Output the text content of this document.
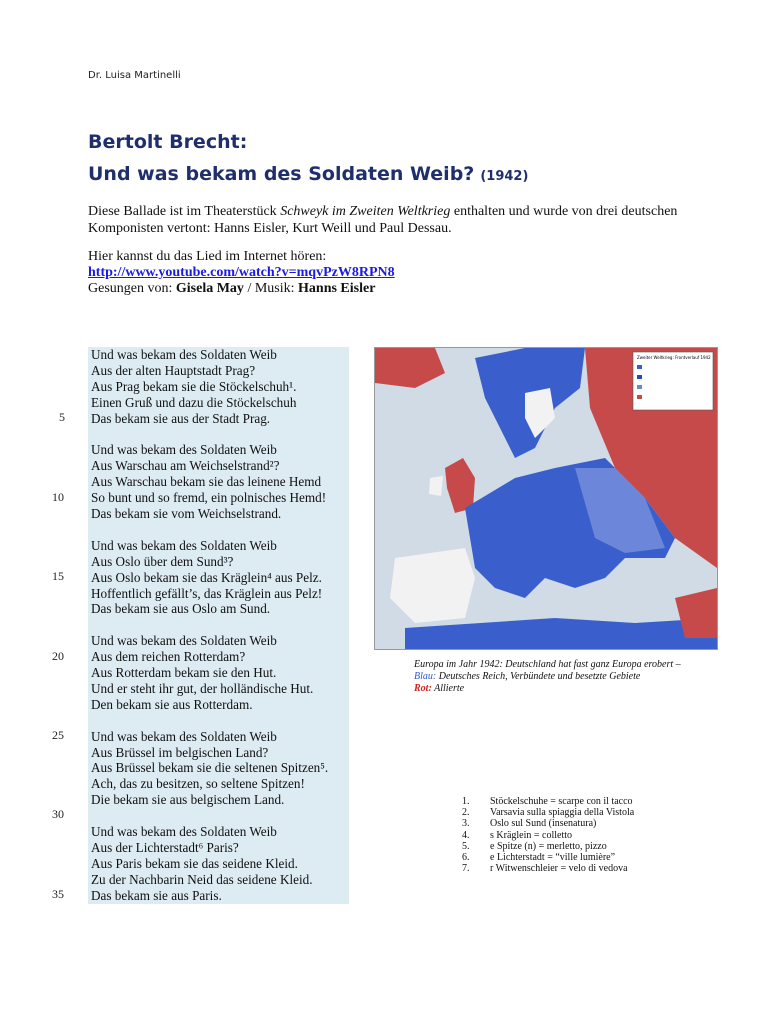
Dr. Luisa Martinelli
Bertolt Brecht:
Und was bekam des Soldaten Weib? (1942)
Diese Ballade ist im Theaterstück Schweyk im Zweiten Weltkrieg enthalten und wurde von drei deutschen Komponisten vertont: Hanns Eisler, Kurt Weill und Paul Dessau.
Hier kannst du das Lied im Internet hören:
http://www.youtube.com/watch?v=mqvPzW8RPN8
Gesungen von: Gisela May / Musik: Hanns Eisler
Und was bekam des Soldaten Weib
Aus der alten Hauptstadt Prag?
Aus Prag bekam sie die Stöckelschuh¹.
Einen Gruß und dazu die Stöckelschuh
Das bekam sie aus der Stadt Prag.
Und was bekam des Soldaten Weib
Aus Warschau am Weichselstrand²?
Aus Warschau bekam sie das leinene Hemd
So bunt und so fremd, ein polnisches Hemd!
Das bekam sie vom Weichselstrand.
Und was bekam des Soldaten Weib
Aus Oslo über dem Sund³?
Aus Oslo bekam sie das Kräglein⁴ aus Pelz.
Hoffentlich gefällt’s, das Kräglein aus Pelz!
Das bekam sie aus Oslo am Sund.
Und was bekam des Soldaten Weib
Aus dem reichen Rotterdam?
Aus Rotterdam bekam sie den Hut.
Und er steht ihr gut, der holländische Hut.
Den bekam sie aus Rotterdam.
Und was bekam des Soldaten Weib
Aus Brüssel im belgischen Land?
Aus Brüssel bekam sie die seltenen Spitzen⁵.
Ach, das zu besitzen, so seltene Spitzen!
Die bekam sie aus belgischem Land.
Und was bekam des Soldaten Weib
Aus der Lichterstadt⁶ Paris?
Aus Paris bekam sie das seidene Kleid.
Zu der Nachbarin Neid das seidene Kleid.
Das bekam sie aus Paris.
5
10
15
20
25
30
35
Zweiter Weltkrieg: Frontverlauf 1942
Europa im Jahr 1942: Deutschland hat fast ganz Europa erobert –
Blau: Deutsches Reich, Verbündete und besetzte Gebiete
Rot: Allierte
1. Stöckelschuhe = scarpe con il tacco
2. Varsavia sulla spiaggia della Vistola
3. Oslo sul Sund (insenatura)
4. s Kräglein = colletto
5. e Spitze (n) = merletto, pizzo
6. e Lichterstadt = “ville lumière”
7. r Witwenschleier = velo di vedova
